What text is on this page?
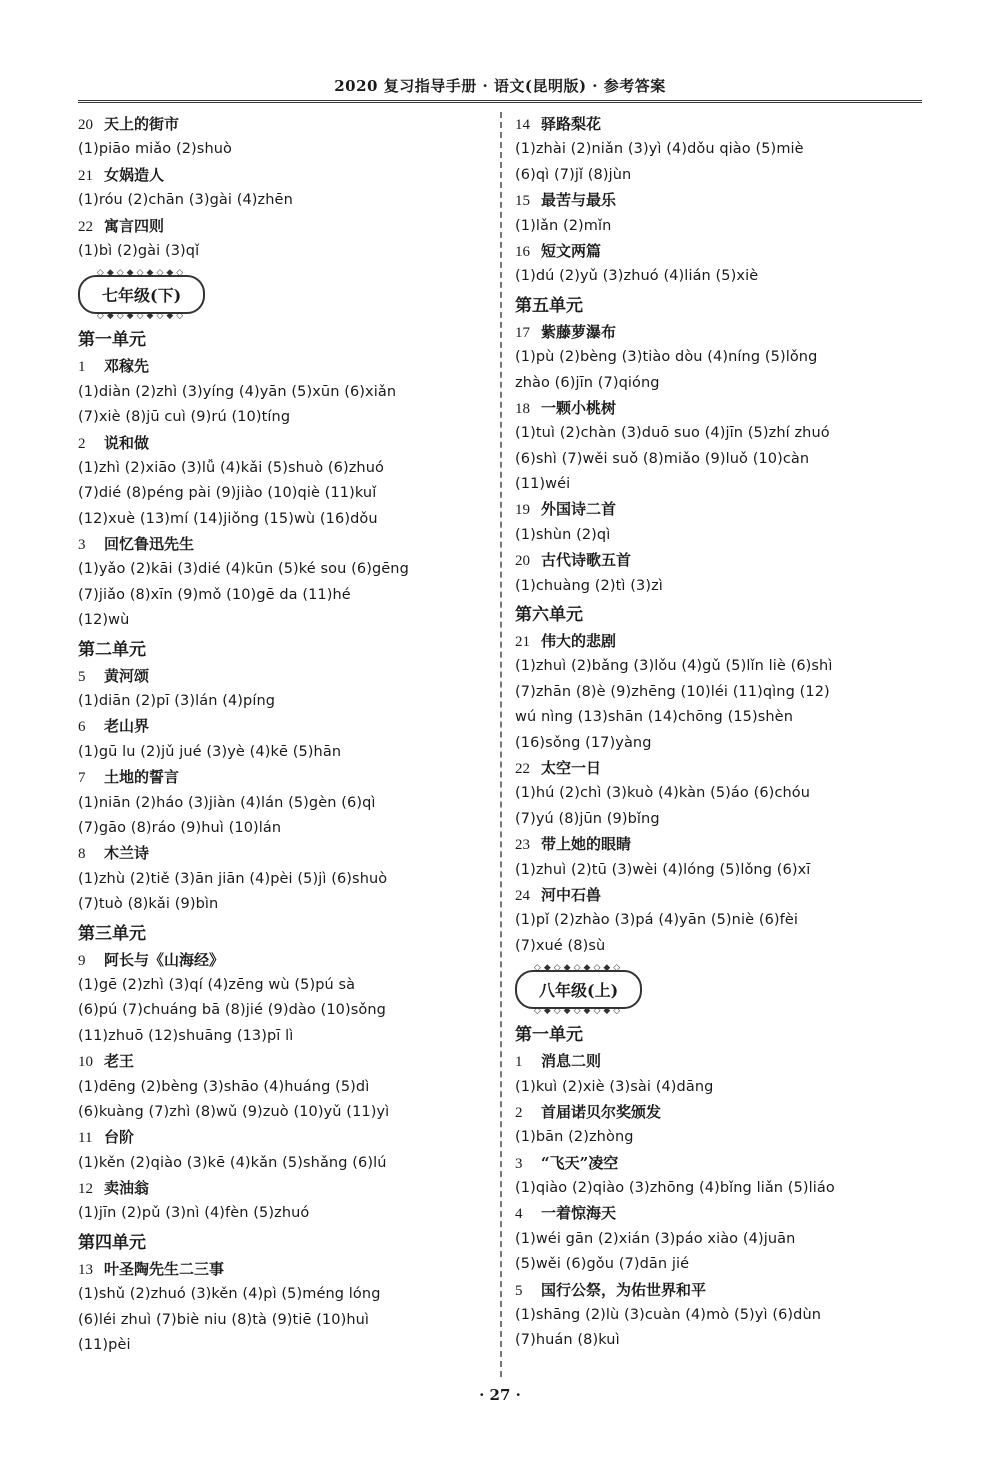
2020 复习指导手册 · 语文(昆明版) · 参考答案
20 天上的街市
(1)piāo miǎo (2)shuò
21 女娲造人
(1)róu (2)chān (3)gài (4)zhēn
22 寓言四则
(1)bì (2)gài (3)qǐ
◇◆◇◆◇◆◇◆◇ 七年级(下) ◇◆◇◆◇◆◇◆◇
第一单元
1 邓稼先
(1)diàn (2)zhì (3)yíng (4)yān (5)xūn (6)xiǎn
(7)xiè (8)jū cuì (9)rú (10)tíng
2 说和做
(1)zhì (2)xiāo (3)lǚ (4)kǎi (5)shuò (6)zhuó
(7)dié (8)péng pài (9)jiào (10)qiè (11)kuǐ
(12)xuè (13)mí (14)jiǒng (15)wù (16)dǒu
3 回忆鲁迅先生
(1)yǎo (2)kāi (3)dié (4)kūn (5)ké sou (6)gēng
(7)jiǎo (8)xīn (9)mǒ (10)gē da (11)hé
(12)wù
第二单元
5 黄河颂
(1)diān (2)pī (3)lán (4)píng
6 老山界
(1)gū lu (2)jǔ jué (3)yè (4)kē (5)hān
7 土地的誓言
(1)niān (2)háo (3)jiàn (4)lán (5)gèn (6)qì
(7)gāo (8)ráo (9)huì (10)lán
8 木兰诗
(1)zhù (2)tiě (3)ān jiān (4)pèi (5)jì (6)shuò
(7)tuò (8)kǎi (9)bìn
第三单元
9 阿长与《山海经》
(1)gē (2)zhì (3)qí (4)zēng wù (5)pú sà
(6)pú (7)chuáng bā (8)jié (9)dào (10)sǒng
(11)zhuō (12)shuāng (13)pī lì
10 老王
(1)dēng (2)bèng (3)shāo (4)huáng (5)dì
(6)kuàng (7)zhì (8)wǔ (9)zuò (10)yǔ (11)yì
11 台阶
(1)kěn (2)qiào (3)kē (4)kǎn (5)shǎng (6)lú
12 卖油翁
(1)jīn (2)pǔ (3)nì (4)fèn (5)zhuó
第四单元
13 叶圣陶先生二三事
(1)shǔ (2)zhuó (3)kěn (4)pì (5)méng lóng
(6)léi zhuì (7)biè niu (8)tà (9)tiē (10)huì
(11)pèi
14 驿路梨花
(1)zhài (2)niǎn (3)yì (4)dǒu qiào (5)miè
(6)qì (7)jǐ (8)jùn
15 最苦与最乐
(1)lǎn (2)mǐn
16 短文两篇
(1)dú (2)yǔ (3)zhuó (4)lián (5)xiè
第五单元
17 紫藤萝瀑布
(1)pù (2)bèng (3)tiào dòu (4)níng (5)lǒng
zhào (6)jīn (7)qióng
18 一颗小桃树
(1)tuì (2)chàn (3)duō suo (4)jīn (5)zhí zhuó
(6)shì (7)wěi suǒ (8)miǎo (9)luǒ (10)càn
(11)wéi
19 外国诗二首
(1)shùn (2)qì
20 古代诗歌五首
(1)chuàng (2)tì (3)zì
第六单元
21 伟大的悲剧
(1)zhuì (2)bǎng (3)lǒu (4)gǔ (5)lǐn liè (6)shì
(7)zhān (8)è (9)zhēng (10)léi (11)qìng (12)
wú nìng (13)shān (14)chōng (15)shèn
(16)sǒng (17)yàng
22 太空一日
(1)hú (2)chì (3)kuò (4)kàn (5)áo (6)chóu
(7)yú (8)jūn (9)bǐng
23 带上她的眼睛
(1)zhuì (2)tū (3)wèi (4)lóng (5)lǒng (6)xī
24 河中石兽
(1)pǐ (2)zhào (3)pá (4)yān (5)niè (6)fèi
(7)xué (8)sù
◇◆◇◆◇◆◇◆◇ 八年级(上) ◇◆◇◆◇◆◇◆◇
第一单元
1 消息二则
(1)kuì (2)xiè (3)sài (4)dāng
2 首届诺贝尔奖颁发
(1)bān (2)zhòng
3 “飞天”凌空
(1)qiào (2)qiào (3)zhōng (4)bǐng liǎn (5)liáo
4 一着惊海天
(1)wéi gān (2)xián (3)páo xiào (4)juān
(5)wěi (6)gǒu (7)dān jié
5 国行公祭，为佑世界和平
(1)shāng (2)lù (3)cuàn (4)mò (5)yì (6)dùn
(7)huán (8)kuì
· 27 ·
